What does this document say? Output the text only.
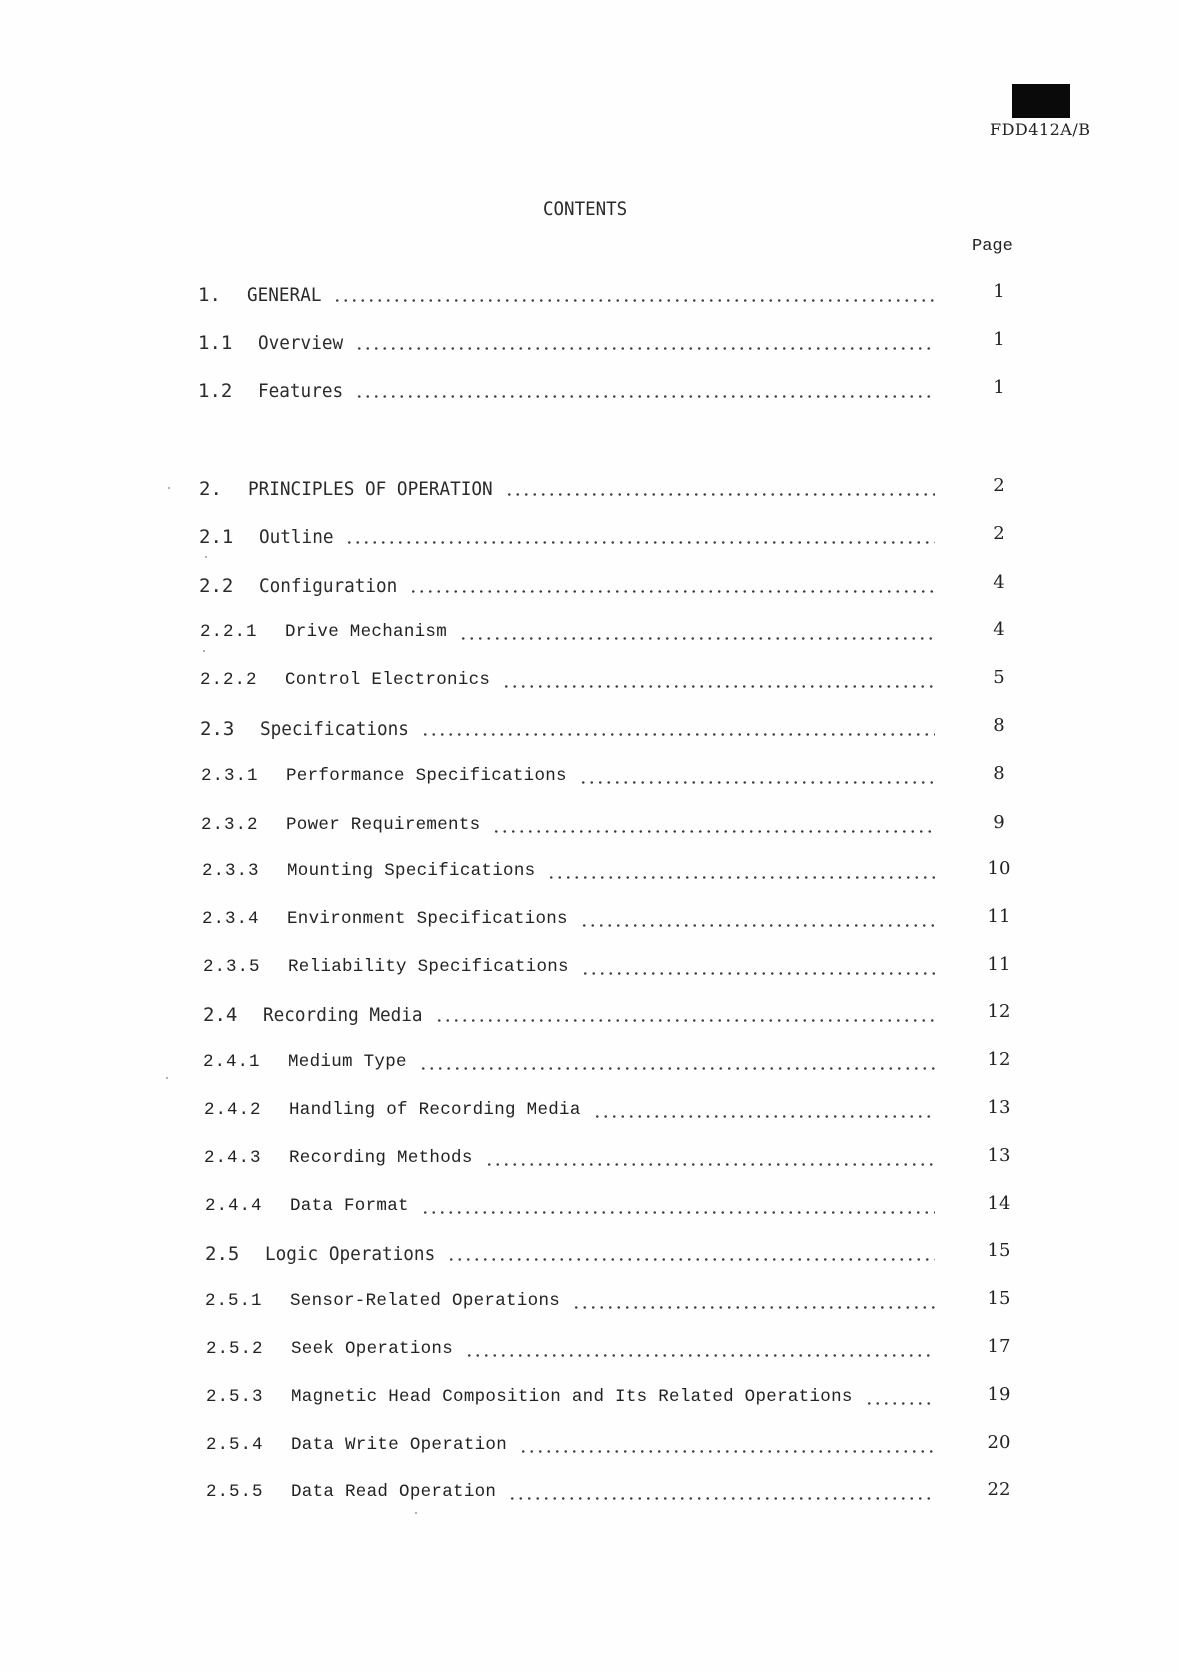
FDD412A/B
CONTENTS
Page
1. GENERAL	1
1.1 Overview	1
1.2 Features	1
2. PRINCIPLES OF OPERATION	2
2.1 Outline	2
2.2 Configuration	4
2.2.1 Drive Mechanism	4
2.2.2 Control Electronics	5
2.3 Specifications	8
2.3.1 Performance Specifications	8
2.3.2 Power Requirements	9
2.3.3 Mounting Specifications	10
2.3.4 Environment Specifications	11
2.3.5 Reliability Specifications	11
2.4 Recording Media	12
2.4.1 Medium Type	12
2.4.2 Handling of Recording Media	13
2.4.3 Recording Methods	13
2.4.4 Data Format	14
2.5 Logic Operations	15
2.5.1 Sensor-Related Operations	15
2.5.2 Seek Operations	17
2.5.3 Magnetic Head Composition and Its Related Operations	19
2.5.4 Data Write Operation	20
2.5.5 Data Read Operation	22
